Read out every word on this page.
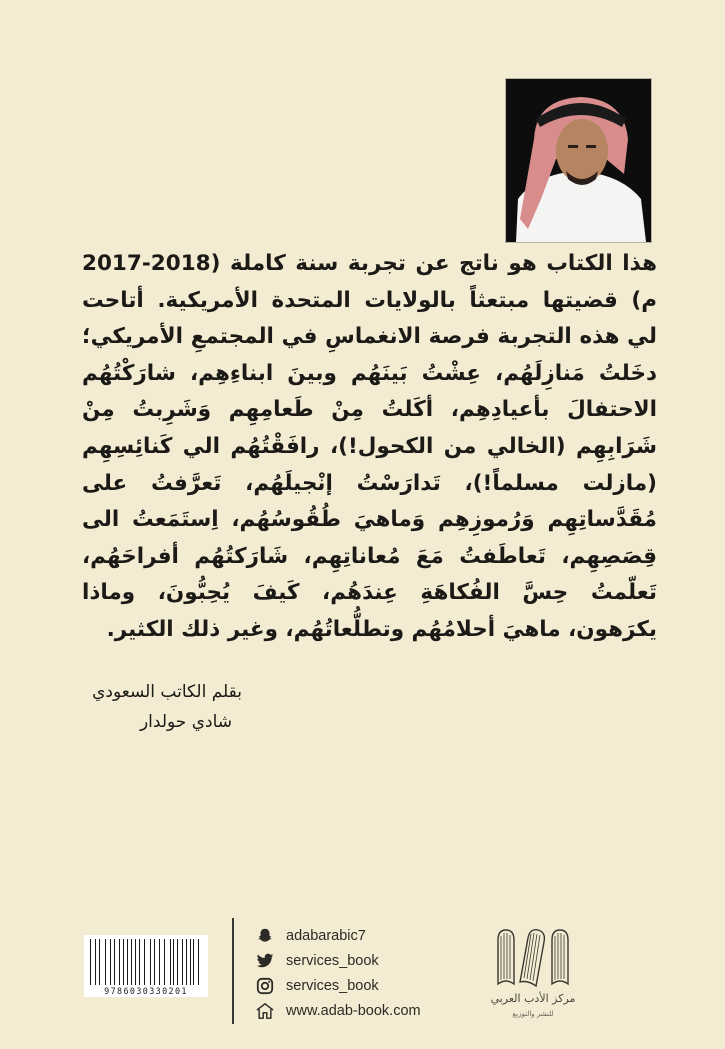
هذا الكتاب هو ناتج عن تجربة سنة كاملة (2018-2017 م) قضيتها مبتعثاً بالولايات المتحدة الأمريكية. أتاحت لي هذه التجربة فرصة الانغماسِ في المجتمعِ الأمريكي؛ دخَلتُ مَنازِلَهُم، عِشْتُ بَينَهُم وبينَ ابناءِهِم، شارَكْتُهُم الاحتفالَ بأعيادِهِم، أكَلتُ مِنْ طَعامِهِم وَشَرِبتُ مِنْ شَرَابِهِم (الخالي من الكحول!)، رافَقْتُهُم الي كَنائِسِهِم (مازلت مسلماً!)، تَدارَسْتُ إنْجيلَهُم، تَعرَّفتُ على مُقَدَّساتِهِم وَرُموزِهِم وَماهيَ طُقُوسُهُم، اِستَمَعتُ الى قِصَصِهِم، تَعاطَفتُ مَعَ مُعاناتِهِم، شَارَكتُهُم أفراحَهُم، تَعلّمتُ حِسَّ الفُكاهَةِ عِندَهُم، كَيفَ يُحِبُّونَ، وماذا يكرَهون، ماهيَ أحلامُهُم وتطلُّعاتُهُم، وغير ذلك الكثير.

بقلم الكاتب السعودي
شادي حولدار
9786030330201
adabarabic7
services_book
services_book
www.adab-book.com
مركز الأدب العربي
للنشر والتوزيع
